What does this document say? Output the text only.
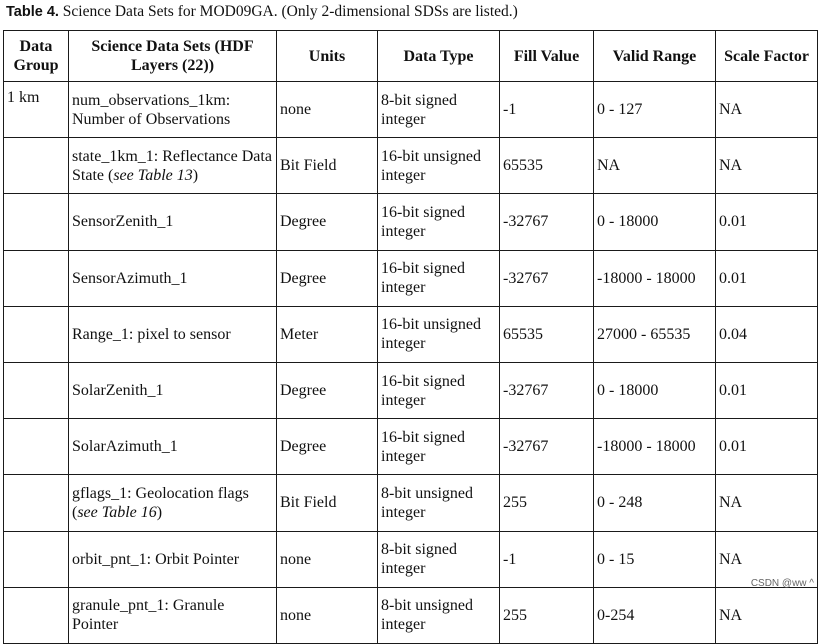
Table 4. Science Data Sets for MOD09GA. (Only 2-dimensional SDSs are listed.)
Data Group	Science Data Sets (HDF Layers (22))	Units	Data Type	Fill Value	Valid Range	Scale Factor
1 km	num_observations_1km: Number of Observations	none	8-bit signed integer	-1	0 - 127	NA
	state_1km_1: Reflectance Data State (see Table 13)	Bit Field	16-bit unsigned integer	65535	NA	NA
	SensorZenith_1	Degree	16-bit signed integer	-32767	0 - 18000	0.01
	SensorAzimuth_1	Degree	16-bit signed integer	-32767	-18000 - 18000	0.01
	Range_1: pixel to sensor	Meter	16-bit unsigned integer	65535	27000 - 65535	0.04
	SolarZenith_1	Degree	16-bit signed integer	-32767	0 - 18000	0.01
	SolarAzimuth_1	Degree	16-bit signed integer	-32767	-18000 - 18000	0.01
	gflags_1: Geolocation flags (see Table 16)	Bit Field	8-bit unsigned integer	255	0 - 248	NA
	orbit_pnt_1: Orbit Pointer	none	8-bit signed integer	-1	0 - 15	NA
	granule_pnt_1: Granule Pointer	none	8-bit unsigned integer	255	0-254	NA
CSDN @ww ^
